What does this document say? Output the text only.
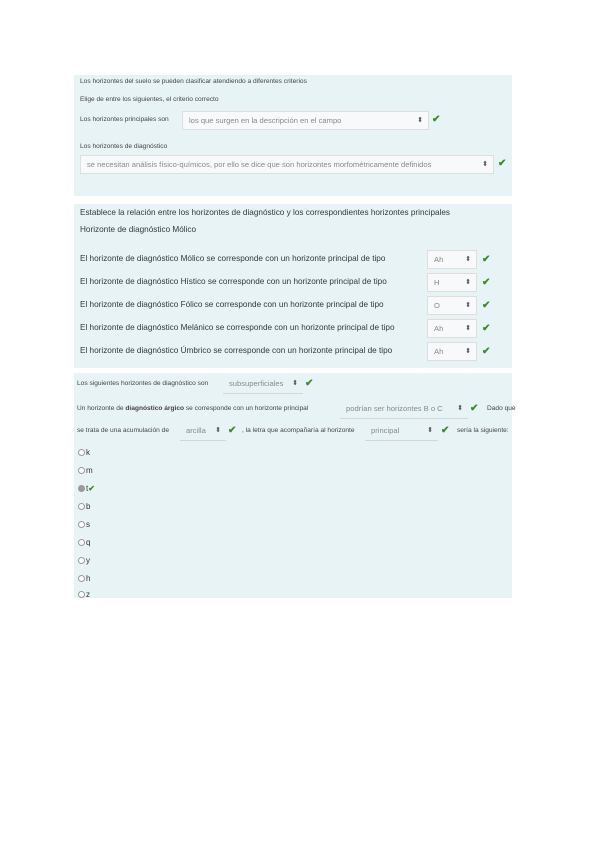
Los horizontes del suelo se pueden clasificar atendiendo a diferentes criterios
Elige de entre los siguientes, el criterio correcto
Los horizontes principales son	los que surgen en la descripción en el campo	⬍ ✔
Los horizontes de diagnóstico
se necesitan análisis físico-químicos, por ello se dice que son horizontes morfométricamente definidos	⬍ ✔
Establece la relación entre los horizontes de diagnóstico y los correspondientes horizontes principales
Horizonte de diagnóstico Mólico
El horizonte de diagnóstico Mólico se corresponde con un horizonte principal de tipo	Ah	⬍ ✔
El horizonte de diagnóstico Hístico se corresponde con un horizonte principal de tipo	H	⬍ ✔
El horizonte de diagnóstico Fólico se corresponde con un horizonte principal de tipo	O	⬍ ✔
El horizonte de diagnóstico Melánico se corresponde con un horizonte principal de tipo	Ah	⬍ ✔
El horizonte de diagnóstico Úmbrico se corresponde con un horizonte principal de tipo	Ah	⬍ ✔
Los siguientes horizontes de diagnóstico son	subsuperficiales ⬍ ✔
Un horizonte de diagnóstico árgico se corresponde con un horizonte principal	podrían ser horizontes B o C ⬍ ✔ Dado que
se trata de una acumulación de	arcilla ⬍ ✔ , la letra que acompañaría al horizonte	principal	⬍ ✔ sería la siguiente:
k
m
t✔
b
s
q
y
h
z
